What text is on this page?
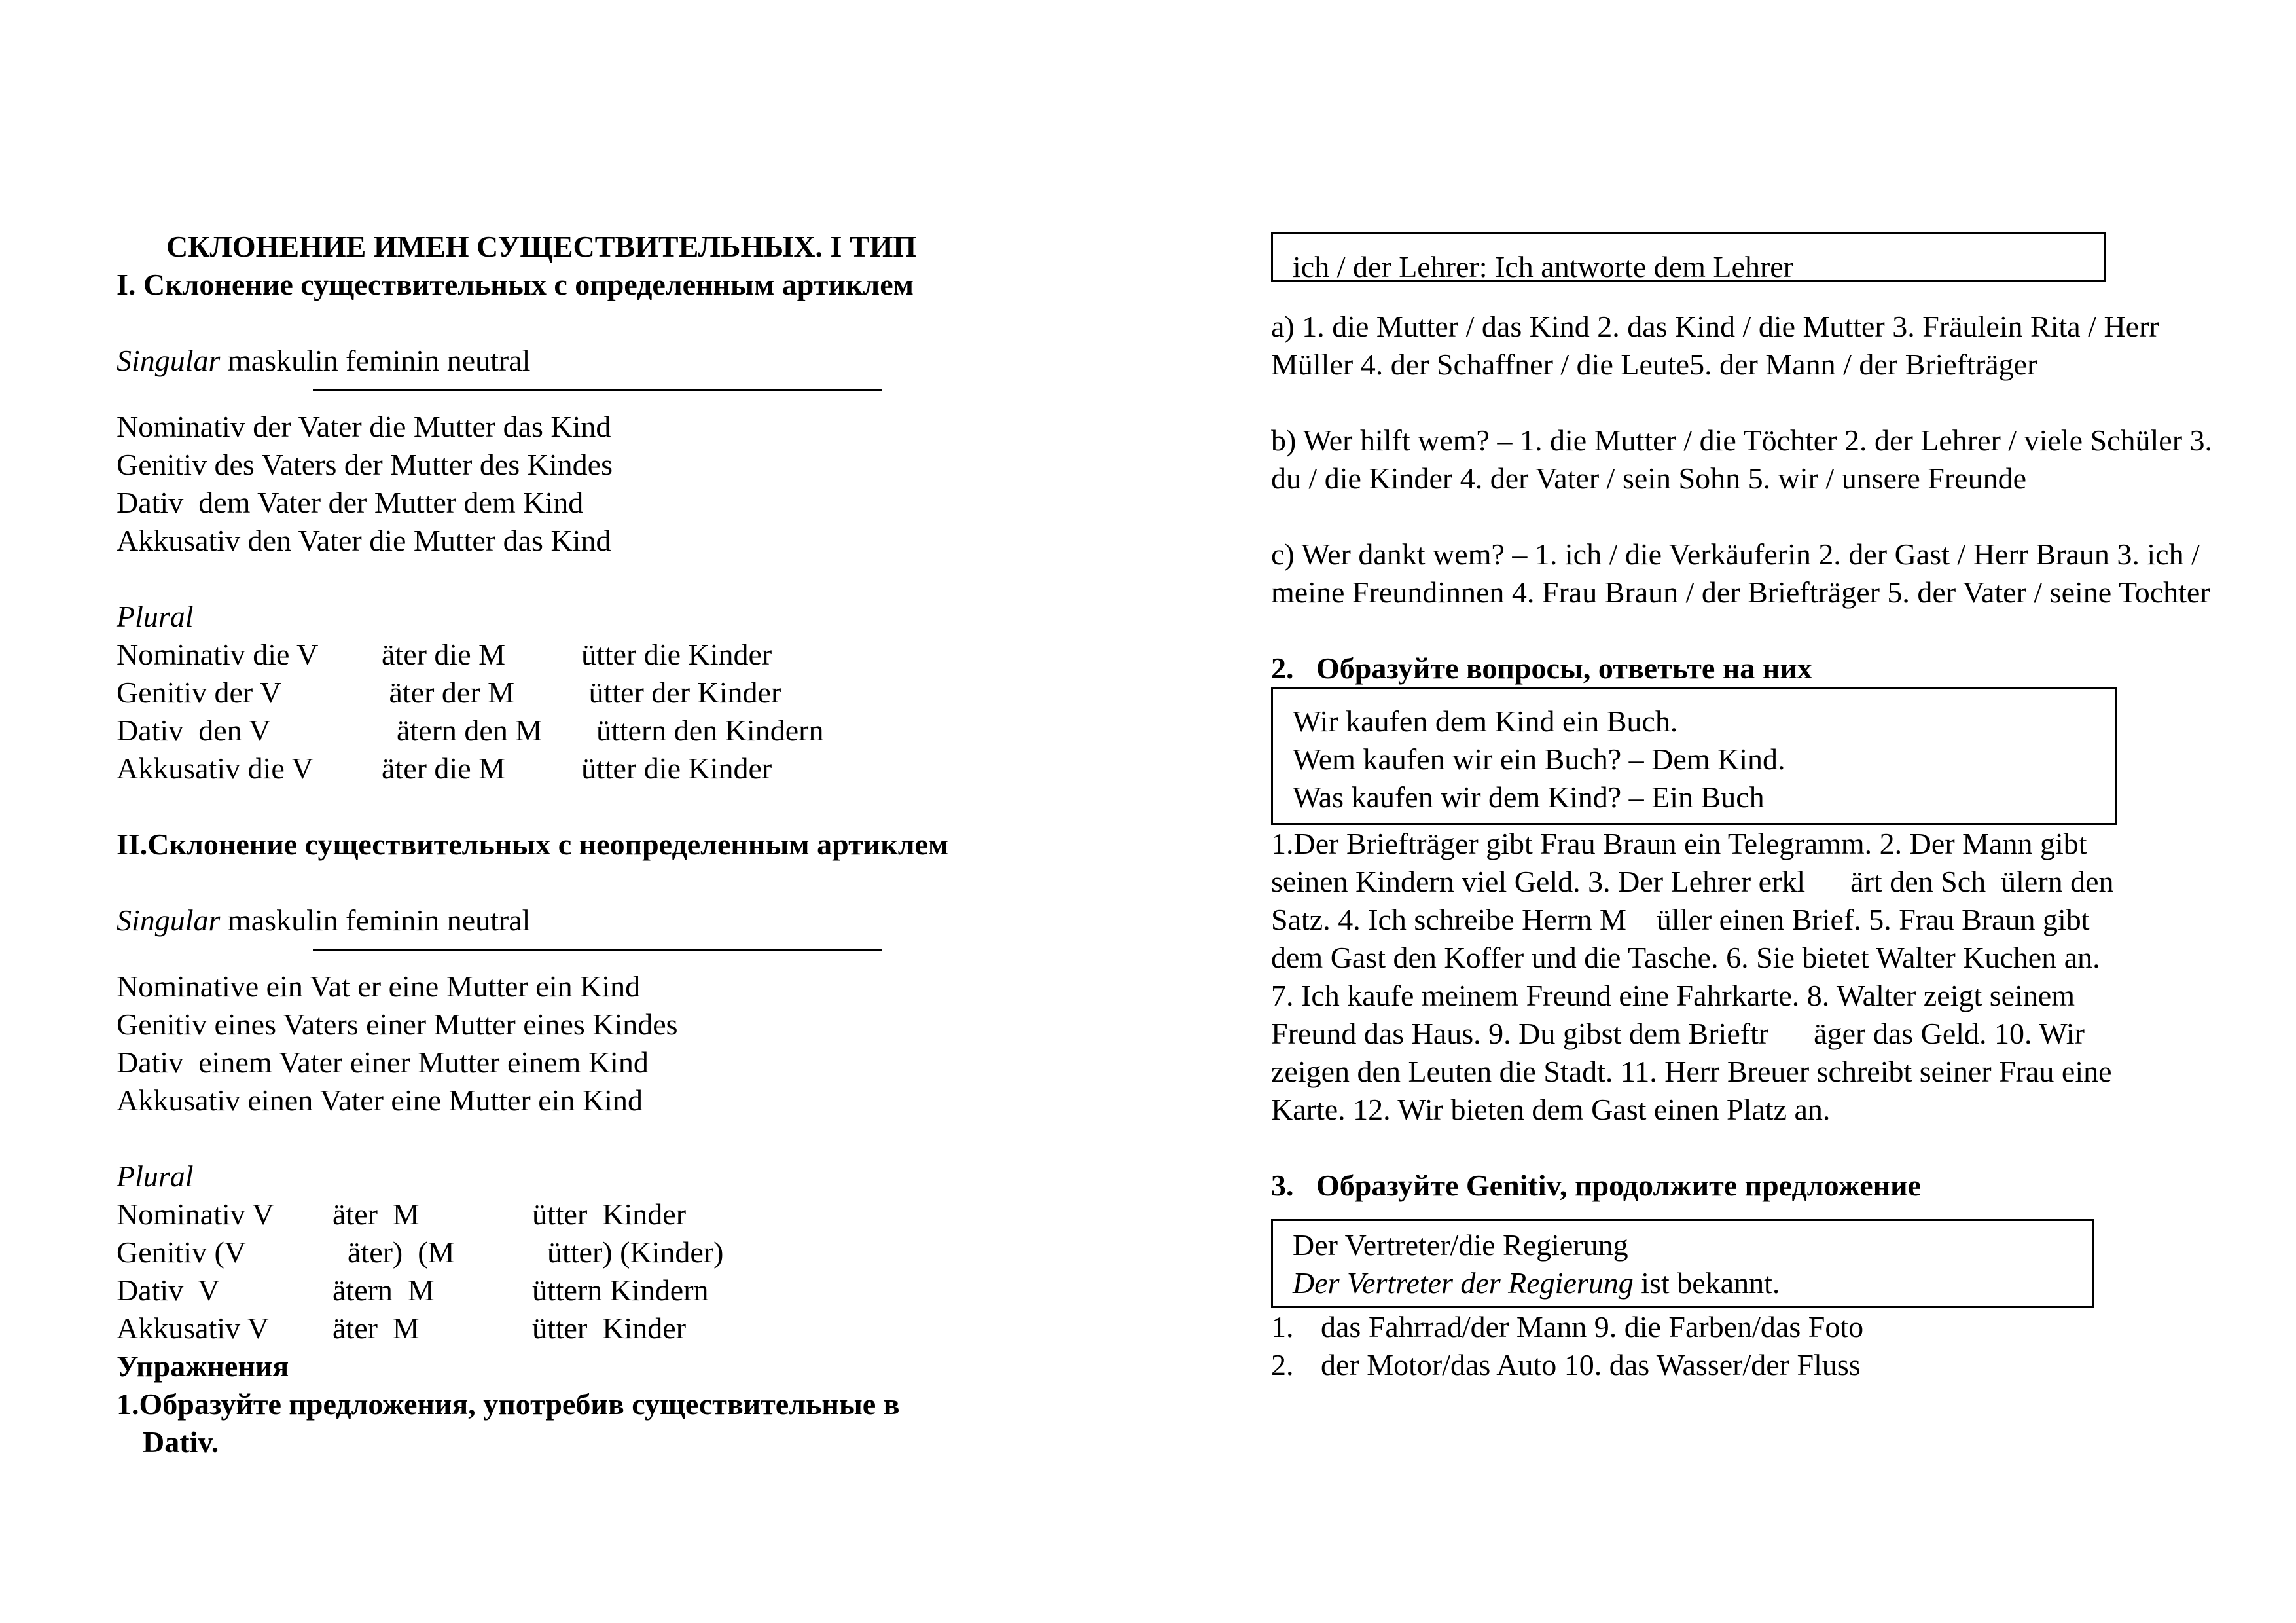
СКЛОНЕНИЕ ИМЕН СУЩЕСТВИТЕЛЬНЫХ. I ТИП
I. Склонение существительных с определенным артиклем
Singular maskulin feminin neutral
Nominativ der Vater die Mutter das Kind
Genitiv des Vaters der Mutter des Kindes
Dativ  dem Vater der Mutter dem Kind
Akkusativ den Vater die Mutter das Kind
Plural
Nominativ die V	äter die M	ütter die Kinder
Genitiv der V	äter der M	ütter der Kinder
Dativ  den V	ätern den M	üttern den Kindern
Akkusativ die V	äter die M	ütter die Kinder
II.Склонение существительных с неопределенным артиклем
Singular maskulin feminin neutral
Nominative ein Vat er eine Mutter ein Kind
Genitiv eines Vaters einer Mutter eines Kindes
Dativ  einem Vater einer Mutter einem Kind
Akkusativ einen Vater eine Mutter ein Kind
Plural
Nominativ V	äter  M	ütter  Kinder
Genitiv (V	äter)  (M	ütter) (Kinder)
Dativ  V	ätern  M	üttern Kindern
Akkusativ V	äter  M	ütter  Kinder
Упражнения
1.Образуйте предложения, употребив существительные в
Dativ.
ich / der Lehrer: Ich antworte dem Lehrer
a) 1. die Mutter / das Kind 2. das Kind / die Mutter 3. Fräulein Rita / Herr Müller 4. der Schaffner / die Leute5. der Mann / der Briefträger
b) Wer hilft wem? – 1. die Mutter / die Töchter 2. der Lehrer / viele Schüler 3. du / die Kinder 4. der Vater / sein Sohn 5. wir / unsere Freunde
c) Wer dankt wem? – 1. ich / die Verkäuferin 2. der Gast / Herr Braun 3. ich / meine Freundinnen 4. Frau Braun / der Briefträger 5. der Vater / seine Tochter
2.   Образуйте вопросы, ответьте на них
Wir kaufen dem Kind ein Buch.
Wem kaufen wir ein Buch? – Dem Kind.
Was kaufen wir dem Kind? – Ein Buch
1.Der Briefträger gibt Frau Braun ein Telegramm. 2. Der Mann gibt
seinen Kindern viel Geld. 3. Der Lehrer erkl      ärt den Sch  ülern den
Satz. 4. Ich schreibe Herrn M    üller einen Brief. 5. Frau Braun gibt
dem Gast den Koffer und die Tasche. 6. Sie bietet Walter Kuchen an.
7. Ich kaufe meinem Freund eine Fahrkarte. 8. Walter zeigt seinem
Freund das Haus. 9. Du gibst dem Brieftr      äger das Geld. 10. Wir
zeigen den Leuten die Stadt. 11. Herr Breuer schreibt seiner Frau eine
Karte. 12. Wir bieten dem Gast einen Platz an.
3.   Образуйте Genitiv, продолжите предложение
Der Vertreter/die Regierung
Der Vertreter der Regierung ist bekannt.
1. das Fahrrad/der Mann 9. die Farben/das Foto
2. der Motor/das Auto 10. das Wasser/der Fluss
